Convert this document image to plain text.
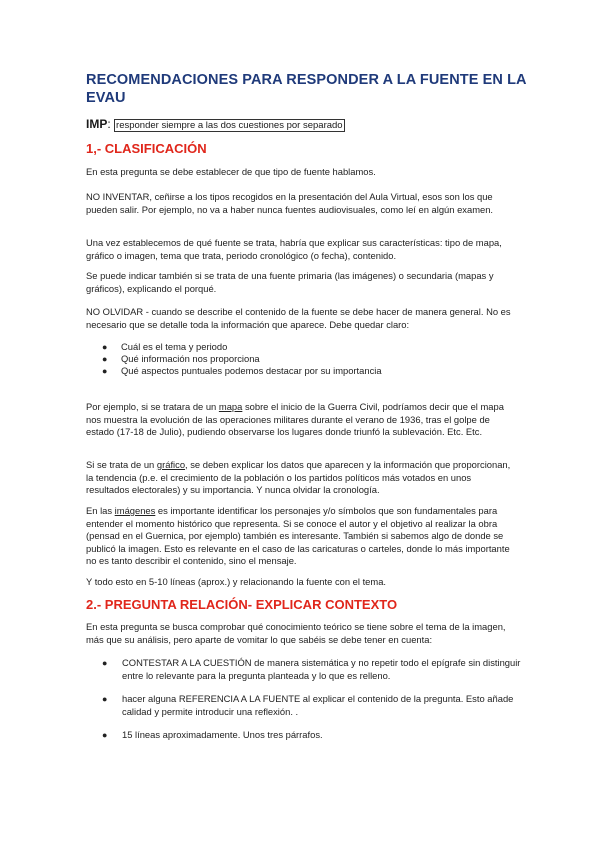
RECOMENDACIONES PARA RESPONDER A LA FUENTE EN LA EVAU
IMP: responder siempre a las dos cuestiones por separado
1,- CLASIFICACIÓN
En esta pregunta se debe establecer de que tipo de fuente hablamos.
NO INVENTAR, ceñirse a los tipos recogidos en la presentación del Aula Virtual, esos son los que pueden salir. Por ejemplo, no va a haber nunca fuentes audiovisuales, como leí en algún examen.
Una vez establecemos de qué fuente se trata, habría que explicar sus características: tipo de mapa, gráfico o imagen, tema que trata, periodo cronológico (o fecha), contenido.
Se puede indicar también si se trata de una fuente primaria (las imágenes) o secundaria (mapas y gráficos), explicando el porqué.
NO OLVIDAR - cuando se describe el contenido de la fuente se debe hacer de manera general. No es necesario que se detalle toda la información que aparece. Debe quedar claro:
● Cuál es el tema y periodo
● Qué información nos proporciona
● Qué aspectos puntuales podemos destacar por su importancia
Por ejemplo, si se tratara de un mapa sobre el inicio de la Guerra Civil, podríamos decir que el mapa nos muestra la evolución de las operaciones militares durante el verano de 1936, tras el golpe de estado (17-18 de Julio), pudiendo observarse los lugares donde triunfó la sublevación. Etc. Etc.
Si se trata de un gráfico, se deben explicar los datos que aparecen y la información que proporcionan, la tendencia (p.e. el crecimiento de la población o los partidos políticos más votados en unos resultados electorales) y su importancia. Y nunca olvidar la cronología.
En las imágenes es importante identificar los personajes y/o símbolos que son fundamentales para entender el momento histórico que representa. Si se conoce el autor y el objetivo al realizar la obra (pensad en el Guernica, por ejemplo) también es interesante. También si sabemos algo de donde se publicó la imagen. Esto es relevante en el caso de las caricaturas o carteles, donde lo más importante no es tanto describir el contenido, sino el mensaje.
Y todo esto en 5-10 líneas (aprox.) y relacionando la fuente con el tema.
2.- PREGUNTA RELACIÓN- EXPLICAR CONTEXTO
En esta pregunta se busca comprobar qué conocimiento teórico se tiene sobre el tema de la imagen, más que su análisis, pero aparte de vomitar lo que sabéis se debe tener en cuenta:
● CONTESTAR A LA CUESTIÓN de manera sistemática y no repetir todo el epígrafe sin distinguir entre lo relevante para la pregunta planteada y lo que es relleno.
● hacer alguna REFERENCIA A LA FUENTE al explicar el contenido de la pregunta. Esto añade calidad y permite introducir una reflexión. .
● 15 líneas aproximadamente. Unos tres párrafos.
